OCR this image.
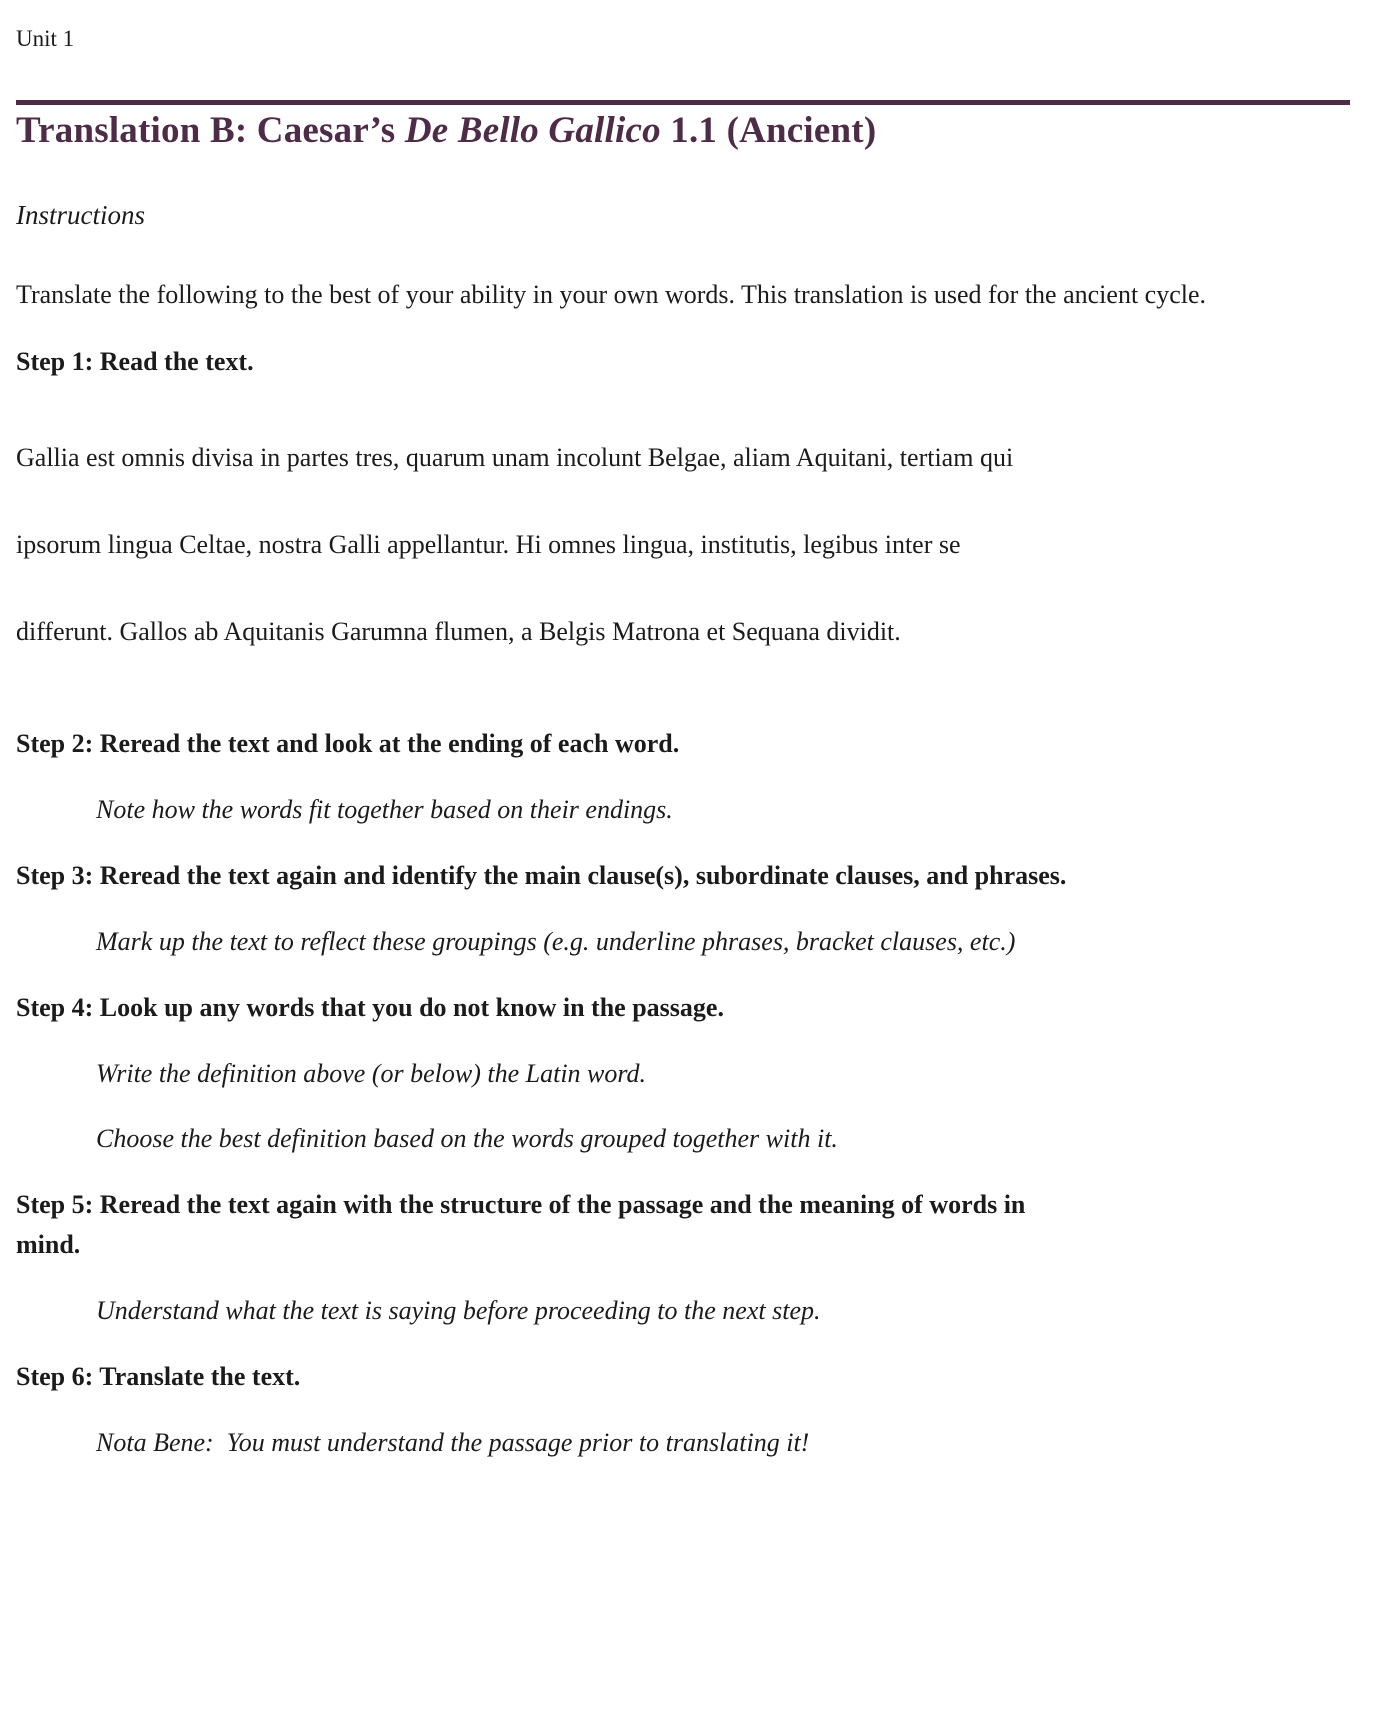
Unit 1

Translation B: Caesar’s De Bello Gallico 1.1 (Ancient)

Instructions

Translate the following to the best of your ability in your own words. This translation is used for the ancient cycle.

Step 1: Read the text.

Gallia est omnis divisa in partes tres, quarum unam incolunt Belgae, aliam Aquitani, tertiam qui

ipsorum lingua Celtae, nostra Galli appellantur. Hi omnes lingua, institutis, legibus inter se

differunt. Gallos ab Aquitanis Garumna flumen, a Belgis Matrona et Sequana dividit.

Step 2: Reread the text and look at the ending of each word.

Note how the words fit together based on their endings.

Step 3: Reread the text again and identify the main clause(s), subordinate clauses, and phrases.

Mark up the text to reflect these groupings (e.g. underline phrases, bracket clauses, etc.)

Step 4: Look up any words that you do not know in the passage.

Write the definition above (or below) the Latin word.

Choose the best definition based on the words grouped together with it.

Step 5: Reread the text again with the structure of the passage and the meaning of words in

mind.

Understand what the text is saying before proceeding to the next step.

Step 6: Translate the text.

Nota Bene:  You must understand the passage prior to translating it!
